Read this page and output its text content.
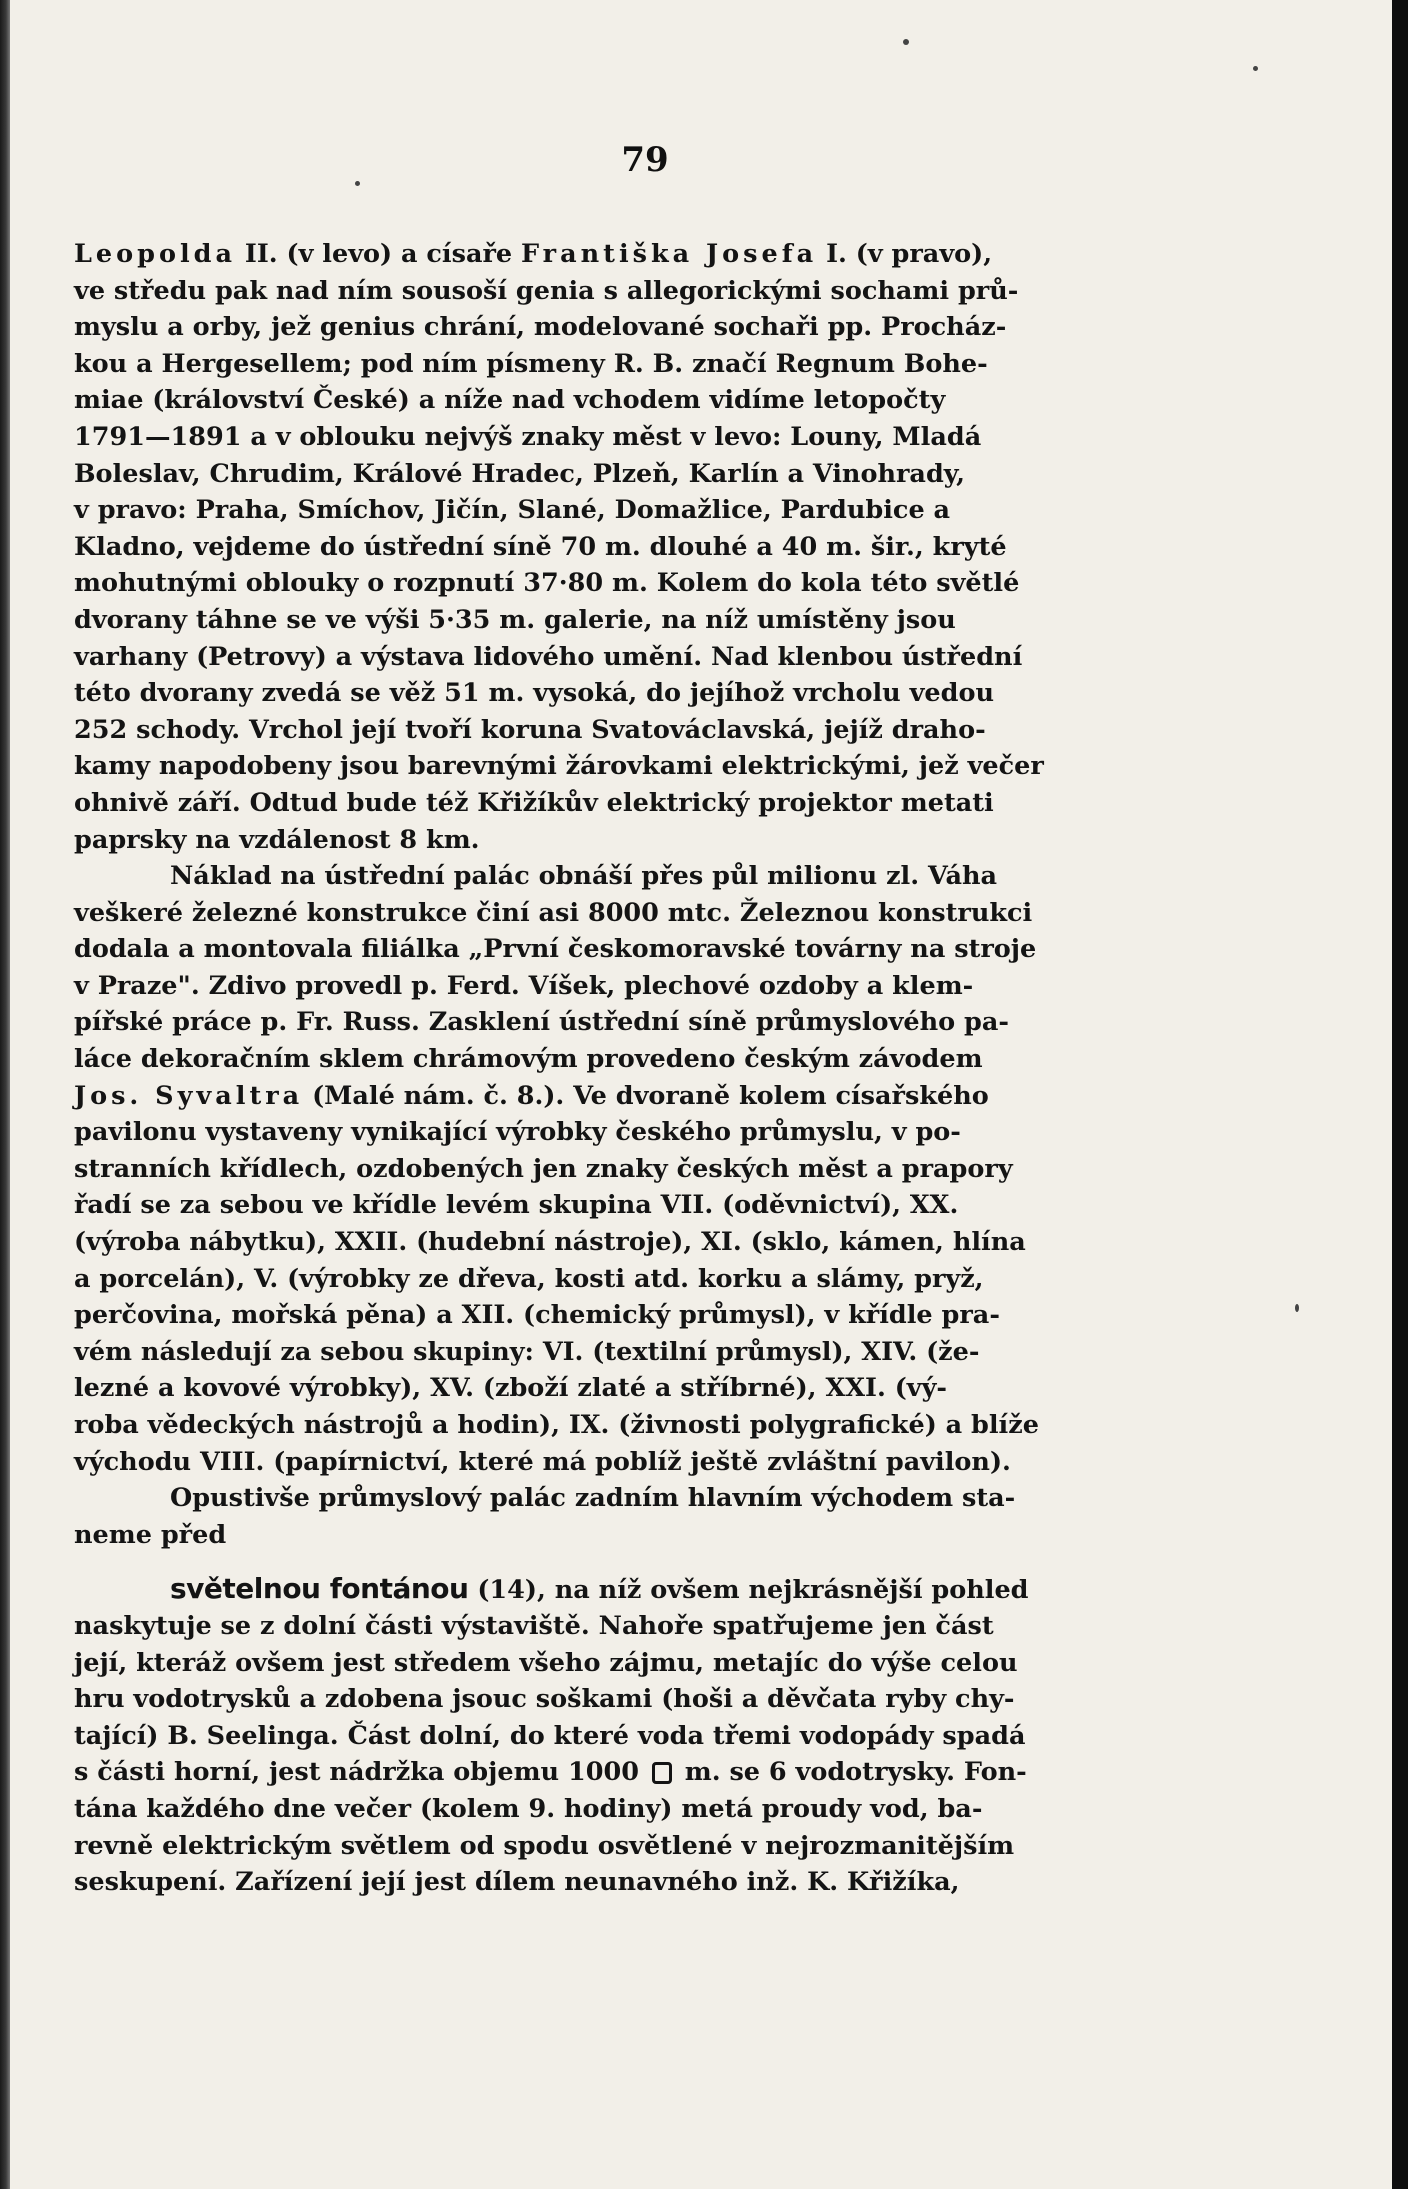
79
Leopolda II. (v levo) a císaře Františka Josefa I. (v pravo),
ve středu pak nad ním sousoší genia s allegorickými sochami prů-
myslu a orby, jež genius chrání, modelované sochaři pp. Procház-
kou a Hergesellem; pod ním písmeny R. B. značí Regnum Bohe-
miae (království České) a níže nad vchodem vidíme letopočty
1791—1891 a v oblouku nejvýš znaky měst v levo: Louny, Mladá
Boleslav, Chrudim, Králové Hradec, Plzeň, Karlín a Vinohrady,
v pravo: Praha, Smíchov, Jičín, Slané, Domažlice, Pardubice a
Kladno, vejdeme do ústřední síně 70 m. dlouhé a 40 m. šir., kryté
mohutnými oblouky o rozpnutí 37·80 m. Kolem do kola této světlé
dvorany táhne se ve výši 5·35 m. galerie, na níž umístěny jsou
varhany (Petrovy) a výstava lidového umění. Nad klenbou ústřední
této dvorany zvedá se věž 51 m. vysoká, do jejíhož vrcholu vedou
252 schody. Vrchol její tvoří koruna Svatováclavská, jejíž draho-
kamy napodobeny jsou barevnými žárovkami elektrickými, jež večer
ohnivě září. Odtud bude též Křižíkův elektrický projektor metati
paprsky na vzdálenost 8 km.
Náklad na ústřední palác obnáší přes půl milionu zl. Váha
veškeré železné konstrukce činí asi 8000 mtc. Železnou konstrukci
dodala a montovala filiálka „První českomoravské továrny na stroje
v Praze". Zdivo provedl p. Ferd. Víšek, plechové ozdoby a klem-
pířské práce p. Fr. Russ. Zasklení ústřední síně průmyslového pa-
láce dekoračním sklem chrámovým provedeno českým závodem
Jos. Syvaltra (Malé nám. č. 8.). Ve dvoraně kolem císařského
pavilonu vystaveny vynikající výrobky českého průmyslu, v po-
stranních křídlech, ozdobených jen znaky českých měst a prapory
řadí se za sebou ve křídle levém skupina VII. (oděvnictví), XX.
(výroba nábytku), XXII. (hudební nástroje), XI. (sklo, kámen, hlína
a porcelán), V. (výrobky ze dřeva, kosti atd. korku a slámy, pryž,
perčovina, mořská pěna) a XII. (chemický průmysl), v křídle pra-
vém následují za sebou skupiny: VI. (textilní průmysl), XIV. (že-
lezné a kovové výrobky), XV. (zboží zlaté a stříbrné), XXI. (vý-
roba vědeckých nástrojů a hodin), IX. (živnosti polygrafické) a blíže
východu VIII. (papírnictví, které má poblíž ještě zvláštní pavilon).
Opustivše průmyslový palác zadním hlavním východem sta-
neme před
světelnou fontánou (14), na níž ovšem nejkrásnější pohled
naskytuje se z dolní části výstaviště. Nahoře spatřujeme jen část
její, kteráž ovšem jest středem všeho zájmu, metajíc do výše celou
hru vodotrysků a zdobena jsouc soškami (hoši a děvčata ryby chy-
tající) B. Seelinga. Část dolní, do které voda třemi vodopády spadá
s části horní, jest nádržka objemu 1000  m. se 6 vodotrysky. Fon-
tána každého dne večer (kolem 9. hodiny) metá proudy vod, ba-
revně elektrickým světlem od spodu osvětlené v nejrozmanitějším
seskupení. Zařízení její jest dílem neunavného inž. K. Křižíka,
